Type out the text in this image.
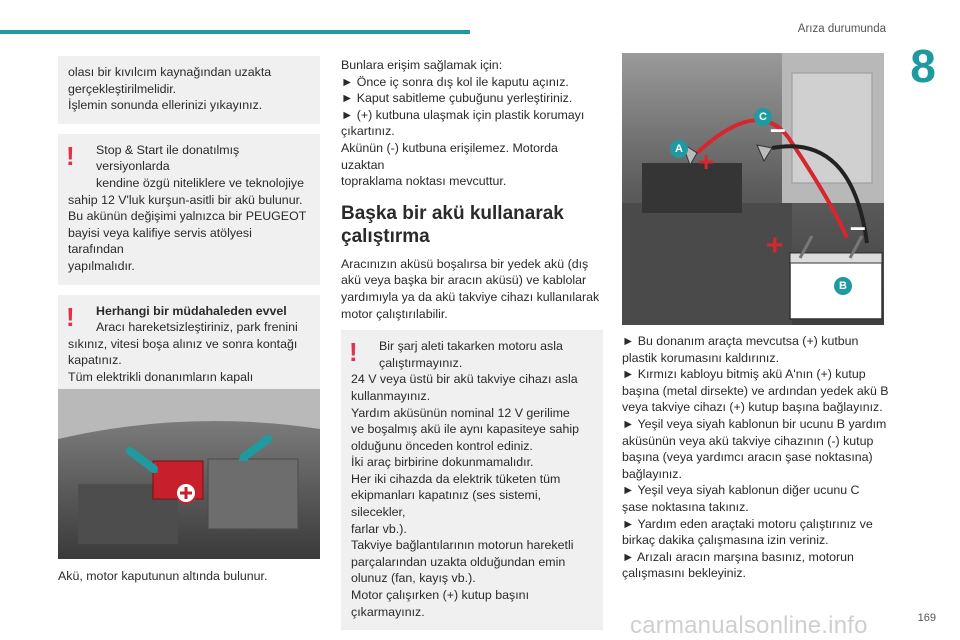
Arıza durumunda
8

olası bir kıvılcım kaynağından uzakta

gerçekleştirilmelidir.

İşlemin sonunda ellerinizi yıkayınız.

!	Stop & Start ile donatılmış versiyonlarda

kendine özgü niteliklere ve teknolojiye

sahip 12 V'luk kurşun-asitli bir akü bulunur.

Bu akünün değişimi yalnızca bir PEUGEOT

bayisi veya kalifiye servis atölyesi tarafından

yapılmalıdır.

!	Herhangi bir müdahaleden evvel

Aracı hareketsizleştiriniz, park frenini

sıkınız, vitesi boşa alınız ve sonra kontağı

kapatınız.

Tüm elektrikli donanımların kapalı

Akü, motor kaputunun altında bulunur.

Bunlara erişim sağlamak için:

► Önce iç sonra dış kol ile kaputu açınız.

► Kaput sabitleme çubuğunu yerleştiriniz.

► (+) kutbuna ulaşmak için plastik korumayı

çıkartınız.

Akünün (-) kutbuna erişilemez. Motorda uzaktan

topraklama noktası mevcuttur.

Başka bir akü kullanarak
çalıştırma

Aracınızın aküsü boşalırsa bir yedek akü (dış

akü veya başka bir aracın aküsü) ve kablolar

yardımıyla ya da akü takviye cihazı kullanılarak

motor çalıştırılabilir.

!	Bir şarj aleti takarken motoru asla

çalıştırmayınız.

24 V veya üstü bir akü takviye cihazı asla

kullanmayınız.

Yardım aküsünün nominal 12 V gerilime

ve boşalmış akü ile aynı kapasiteye sahip

olduğunu önceden kontrol ediniz.

İki araç birbirine dokunmamalıdır.

Her iki cihazda da elektrik tüketen tüm

ekipmanları kapatınız (ses sistemi, silecekler,

farlar vb.).

Takviye bağlantılarının motorun hareketli

parçalarından uzakta olduğundan emin

olunuz (fan, kayış vb.).

Motor çalışırken (+) kutup başını

çıkarmayınız.

A
C
B
+
+
–
–

► Bu donanım araçta mevcutsa (+) kutbun

plastik korumasını kaldırınız.

► Kırmızı kabloyu bitmiş akü A'nın (+) kutup

başına (metal dirsekte) ve ardından yedek akü B

veya takviye cihazı (+) kutup başına bağlayınız.

► Yeşil veya siyah kablonun bir ucunu B yardım

aküsünün veya akü takviye cihazının (-) kutup

başına (veya yardımcı aracın şase noktasına)

bağlayınız.

► Yeşil veya siyah kablonun diğer ucunu C

şase noktasına takınız.

► Yardım eden araçtaki motoru çalıştırınız ve

birkaç dakika çalışmasına izin veriniz.

► Arızalı aracın marşına basınız, motorun

çalışmasını bekleyiniz.

carmanualsonline.info	169
